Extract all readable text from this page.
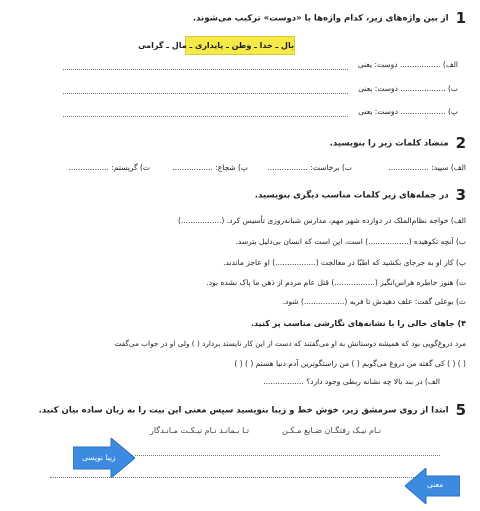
1 از بین واژه‌های زیر، کدام واژه‌ها با «دوست» ترکیب می‌شوند.
بال ـ خدا ـ وطن ـ پایداری ـ مال ـ گرامی
الف) ................. دوست: یعنی
ب) ................... دوست: یعنی
پ) ................... دوست: یعنی
2 متضاد کلمات زیر را بنویسید.
الف) سپید: .................
ب) برخاست: .................
پ) شجاع: .................
ت) گریستم: .................
3 در جمله‌های زیر کلمات مناسب دیگری بنویسید.
الف) خواجه نظام‌الملک در دوازده شهر مهم، مدارس شبانه‌روزی تأسیس کرد. (.................)
ب) آنچه تکوهیده (.................) است، این است که انسان بی‌دلیل بترسد.
پ) کار او به جرجای بکشید که اطبّا در معالجت (.................) او عاجز ماندند.
ت) هنوز خاطره هراس‌انگیز (.................) قتل عام مردم از ذهن ما پاک نشده بود.
ث) بوعلی گفت: علف دهیدش تا فربه (.................) شود.
۴) جاهای خالی را با نشانه‌های نگارشی مناسب پر کنید.
مرد دروغ‌گویی بود که همیشه دوستانش به او می‌گفتند که دست از این کار نایستد بردارد ( ) ولی او در جواب می‌گفت
( ) ( ) کی گفته من دروغ می‌گویم ( ) من راستگوترین آدم دنیا هستم ( ) ( )
الف) در بند بالا چه نشانه ربطی وجود دارد؟ .................
5 ابتدا از روی سرمشق زیر، خوش خط و زیبا بنویسید سپس معنی این بیت را به زبان ساده بیان کنید.
تـا بـمانـد نـام نیـکـت مـانـدگار	نـام نیـک رفتگـان ضـایع مـکـن
زیبا نویسی
معنی
